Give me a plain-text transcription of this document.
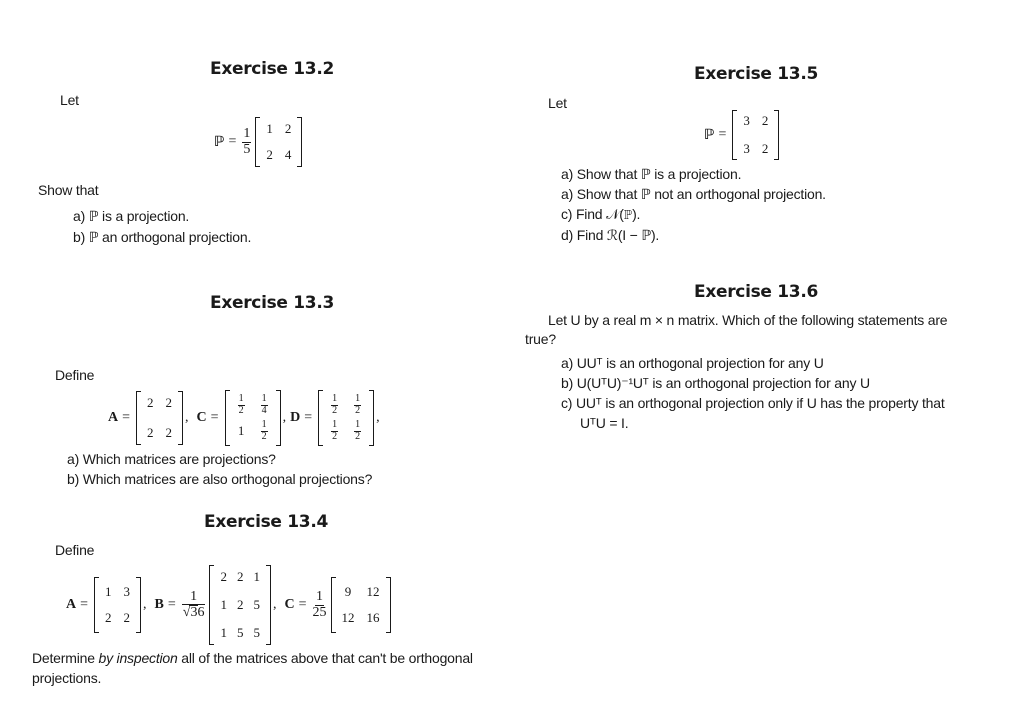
Exercise 13.2
Let
ℙ = $\frac{1}{5} 1$ 2
2 4
Show that
a) ℙ is a projection.
b) ℙ an orthogonal projection.
Exercise 13.3
Define
A =
2 2
2 2
, C =
$\frac{1}{2} \frac{1}{4}$
$1 \frac{1}{2}$
, D =
$\frac{1}{2} \frac{1}{2}$
$\frac{1}{2} \frac{1}{2}$
,
a) Which matrices are projections?
b) Which matrices are also orthogonal projections?
Exercise 13.4
Define
A =
1 3
2 2
, $B = \frac{1}{√36}$
2 2 1
1 2 5
1 5 5
, $C = \frac{1}{25} 9$ 12
12 16
Determine by inspection all of the matrices above that can't be orthogonal
projections.
Exercise 13.5
Let
ℙ =
3 2
3 2
a) Show that ℙ is a projection.
a) Show that ℙ not an orthogonal projection.
c) Find 𝒩(ℙ).
d) Find ℛ(I − ℙ).
Exercise 13.6
Let U by a real m × n matrix. Which of the following statements are
true?
a) UUᵀ is an orthogonal projection for any U
b) U(UᵀU)⁻¹Uᵀ is an orthogonal projection for any U
c) UUᵀ is an orthogonal projection only if U has the property that
UᵀU = I.
